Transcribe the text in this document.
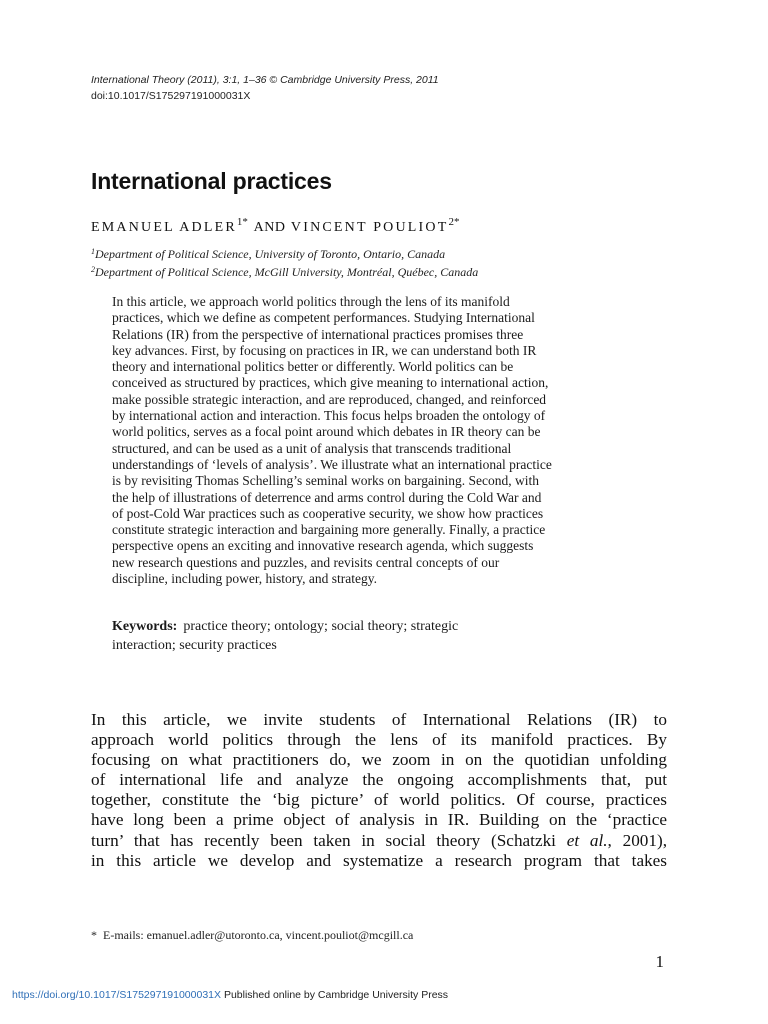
International Theory (2011), 3:1, 1–36 © Cambridge University Press, 2011
doi:10.1017/S175297191000031X
International practices
EMANUEL $ADLER^{1*}$ AND VINCENT $POULIOT^{2*}$
$^1$Department of Political Science, University of Toronto, Ontario, Canada
$^2$Department of Political Science, McGill University, Montréal, Québec, Canada
In this article, we approach world politics through the lens of its manifold
practices, which we define as competent performances. Studying International
Relations (IR) from the perspective of international practices promises three
key advances. First, by focusing on practices in IR, we can understand both IR
theory and international politics better or differently. World politics can be
conceived as structured by practices, which give meaning to international action,
make possible strategic interaction, and are reproduced, changed, and reinforced
by international action and interaction. This focus helps broaden the ontology of
world politics, serves as a focal point around which debates in IR theory can be
structured, and can be used as a unit of analysis that transcends traditional
understandings of ‘levels of analysis’. We illustrate what an international practice
is by revisiting Thomas Schelling’s seminal works on bargaining. Second, with
the help of illustrations of deterrence and arms control during the Cold War and
of post-Cold War practices such as cooperative security, we show how practices
constitute strategic interaction and bargaining more generally. Finally, a practice
perspective opens an exciting and innovative research agenda, which suggests
new research questions and puzzles, and revisits central concepts of our
discipline, including power, history, and strategy.
Keywords: practice theory; ontology; social theory; strategic
interaction; security practices
In this article, we invite students of International Relations (IR) to
approach world politics through the lens of its manifold practices. By
focusing on what practitioners do, we zoom in on the quotidian unfolding
of international life and analyze the ongoing accomplishments that, put
together, constitute the ‘big picture’ of world politics. Of course, practices
have long been a prime object of analysis in IR. Building on the ‘practice
turn’ that has recently been taken in social theory (Schatzki et al., 2001),
in this article we develop and systematize a research program that takes
* E-mails: emanuel.adler@utoronto.ca, vincent.pouliot@mcgill.ca
1
https://doi.org/10.1017/S175297191000031X Published online by Cambridge University Press
